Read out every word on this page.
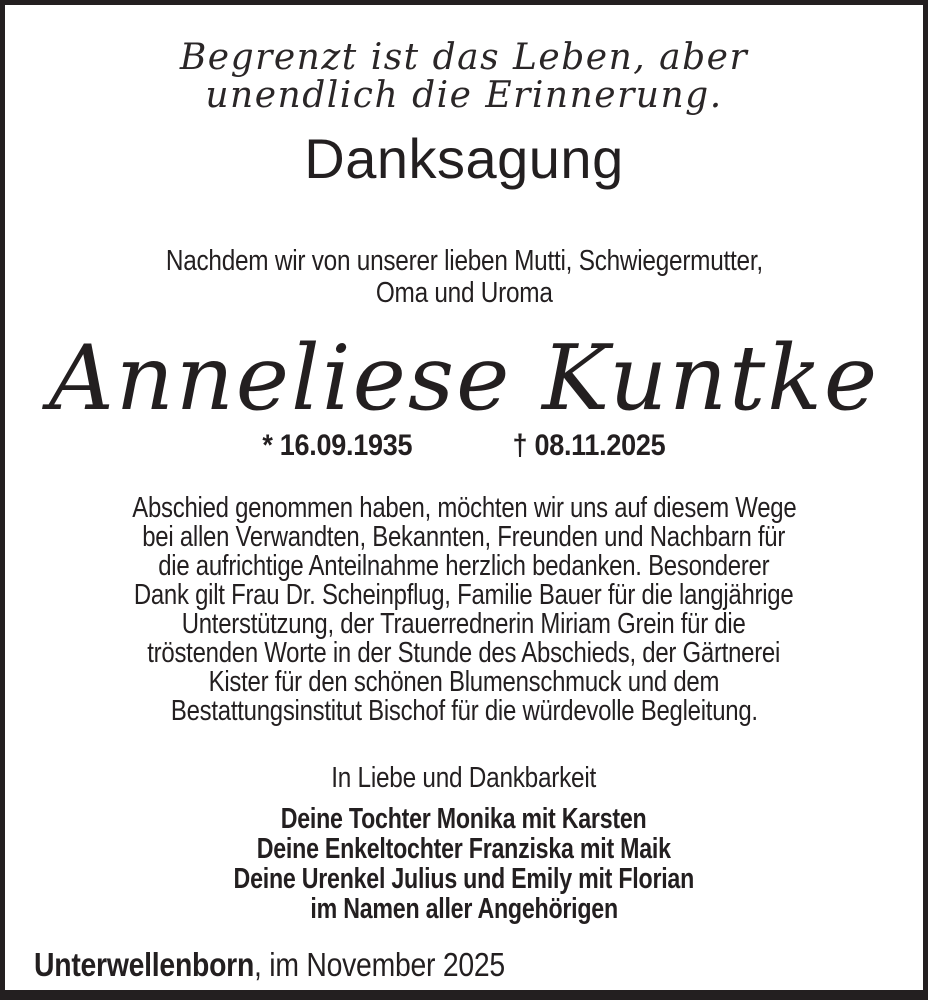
Begrenzt ist das Leben, aber
unendlich die Erinnerung.
Danksagung
Nachdem wir von unserer lieben Mutti, Schwiegermutter,
Oma und Uroma
Anneliese Kuntke
* 16.09.1935	† 08.11.2025
Abschied genommen haben, möchten wir uns auf diesem Wege
bei allen Verwandten, Bekannten, Freunden und Nachbarn für
die aufrichtige Anteilnahme herzlich bedanken. Besonderer
Dank gilt Frau Dr. Scheinpflug, Familie Bauer für die langjährige
Unterstützung, der Trauerrednerin Miriam Grein für die
tröstenden Worte in der Stunde des Abschieds, der Gärtnerei
Kister für den schönen Blumenschmuck und dem
Bestattungsinstitut Bischof für die würdevolle Begleitung.
In Liebe und Dankbarkeit
Deine Tochter Monika mit Karsten
Deine Enkeltochter Franziska mit Maik
Deine Urenkel Julius und Emily mit Florian
im Namen aller Angehörigen
Unterwellenborn, im November 2025
